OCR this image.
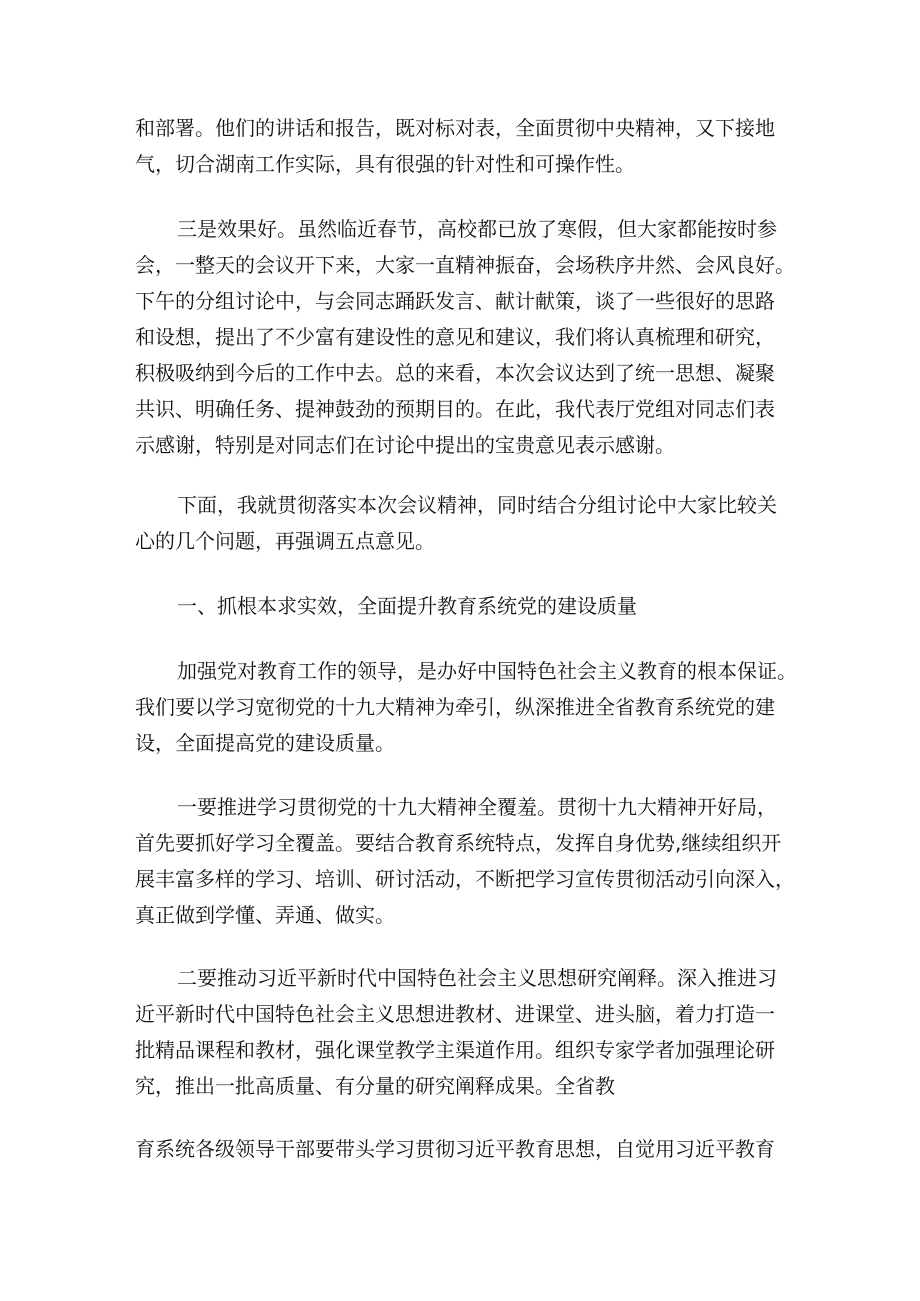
和部署。他们的讲话和报告，既对标对表，全面贯彻中央精神，又下接地
气，切合湖南工作实际，具有很强的针对性和可操作性。
三是效果好。虽然临近春节，高校都已放了寒假，但大家都能按时参
会，一整天的会议开下来，大家一直精神振奋，会场秩序井然、会风良好。
下午的分组讨论中，与会同志踊跃发言、献计献策，谈了一些很好的思路
和设想，提出了不少富有建设性的意见和建议，我们将认真梳理和研究，
积极吸纳到今后的工作中去。总的来看，本次会议达到了统一思想、凝聚
共识、明确任务、提神鼓劲的预期目的。在此，我代表厅党组对同志们表
示感谢，特别是对同志们在讨论中提出的宝贵意见表示感谢。
下面，我就贯彻落实本次会议精神，同时结合分组讨论中大家比较关
心的几个问题，再强调五点意见。
一、抓根本求实效，全面提升教育系统党的建设质量
加强党对教育工作的领导，是办好中国特色社会主义教育的根本保证。
我们要以学习宽彻党的十九大精神为牵引，纵深推进全省教育系统党的建
设，全面提高党的建设质量。
一要推进学习贯彻党的十九大精神全覆羞。贯彻十九大精神开好局，
首先要抓好学习全覆盖。要结合教育系统特点，发挥自身优势,继续组织开
展丰富多样的学习、培训、研讨活动，不断把学习宣传贯彻活动引向深入，
真正做到学懂、弄通、做实。
二要推动习近平新时代中国特色社会主义思想研究阐释。深入推进习
近平新时代中国特色社会主义思想进教材、进课堂、进头脑，着力打造一
批精品课程和教材，强化课堂教学主渠道作用。组织专家学者加强理论研
究，推出一批高质量、有分量的研究阐释成果。全省教
育系统各级领导干部要带头学习贯彻习近平教育思想，自觉用习近平教育
